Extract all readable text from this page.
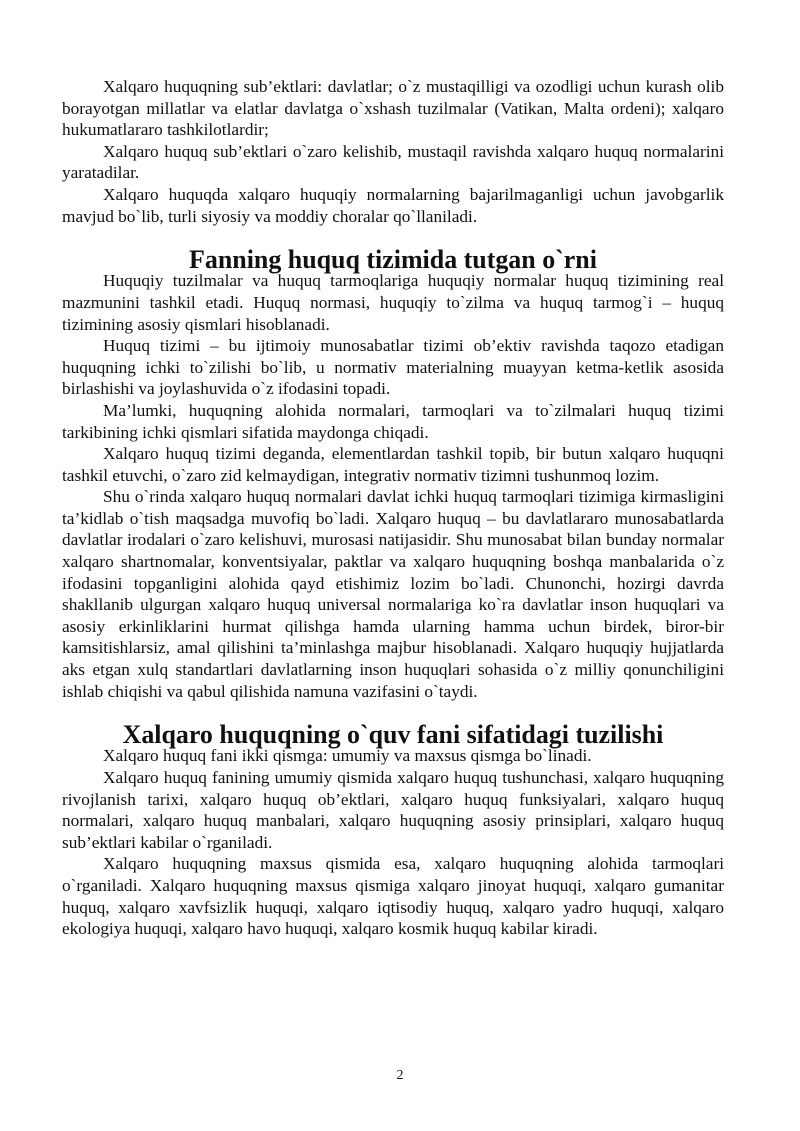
Xalqaro huquqning sub’ektlari: davlatlar; o`z mustaqilligi va ozodligi uchun kurash olib borayotgan millatlar va elatlar davlatga o`xshash tuzilmalar (Vatikan, Malta ordeni); xalqaro hukumatlararo tashkilotlardir;

Xalqaro huquq sub’ektlari o`zaro kelishib, mustaqil ravishda xalqaro huquq normalarini yaratadilar.

Xalqaro huquqda xalqaro huquqiy normalarning bajarilmaganligi uchun javobgarlik mavjud bo`lib, turli siyosiy va moddiy choralar qo`llaniladi.

Fanning huquq tizimida tutgan o`rni

Huquqiy tuzilmalar va huquq tarmoqlariga huquqiy normalar huquq tizimining real mazmunini tashkil etadi. Huquq normasi, huquqiy to`zilma va huquq tarmog`i – huquq tizimining asosiy qismlari hisoblanadi.

Huquq tizimi – bu ijtimoiy munosabatlar tizimi ob’ektiv ravishda taqozo etadigan huquqning ichki to`zilishi bo`lib, u normativ materialning muayyan ketma-ketlik asosida birlashishi va joylashuvida o`z ifodasini topadi.

Ma’lumki, huquqning alohida normalari, tarmoqlari va to`zilmalari huquq tizimi tarkibining ichki qismlari sifatida maydonga chiqadi.

Xalqaro huquq tizimi deganda, elementlardan tashkil topib, bir butun xalqaro huquqni tashkil etuvchi, o`zaro zid kelmaydigan, integrativ normativ tizimni tushunmoq lozim.

Shu o`rinda xalqaro huquq normalari davlat ichki huquq tarmoqlari tizimiga kirmasligini ta’kidlab o`tish maqsadga muvofiq bo`ladi. Xalqaro huquq – bu davlatlararo munosabatlarda davlatlar irodalari o`zaro kelishuvi, murosasi natijasidir. Shu munosabat bilan bunday normalar xalqaro shartnomalar, konventsiyalar, paktlar va xalqaro huquqning boshqa manbalarida o`z ifodasini topganligini alohida qayd etishimiz lozim bo`ladi. Chunonchi, hozirgi davrda shakllanib ulgurgan xalqaro huquq universal normalariga ko`ra davlatlar inson huquqlari va asosiy erkinliklarini hurmat qilishga hamda ularning hamma uchun birdek, biror-bir kamsitishlarsiz, amal qilishini ta’minlashga majbur hisoblanadi. Xalqaro huquqiy hujjatlarda aks etgan xulq standartlari davlatlarning inson huquqlari sohasida o`z milliy qonunchiligini ishlab chiqishi va qabul qilishida namuna vazifasini o`taydi.

Xalqaro huquqning o`quv fani sifatidagi tuzilishi

Xalqaro huquq fani ikki qismga: umumiy va maxsus qismga bo`linadi.

Xalqaro huquq fanining umumiy qismida xalqaro huquq tushunchasi, xalqaro huquqning rivojlanish tarixi, xalqaro huquq ob’ektlari, xalqaro huquq funksiyalari, xalqaro huquq normalari, xalqaro huquq manbalari, xalqaro huquqning asosiy prinsiplari, xalqaro huquq sub’ektlari kabilar o`rganiladi.

Xalqaro huquqning maxsus qismida esa, xalqaro huquqning alohida tarmoqlari o`rganiladi. Xalqaro huquqning maxsus qismiga xalqaro jinoyat huquqi, xalqaro gumanitar huquq, xalqaro xavfsizlik huquqi, xalqaro iqtisodiy huquq, xalqaro yadro huquqi, xalqaro ekologiya huquqi, xalqaro havo huquqi, xalqaro kosmik huquq kabilar kiradi.

2
